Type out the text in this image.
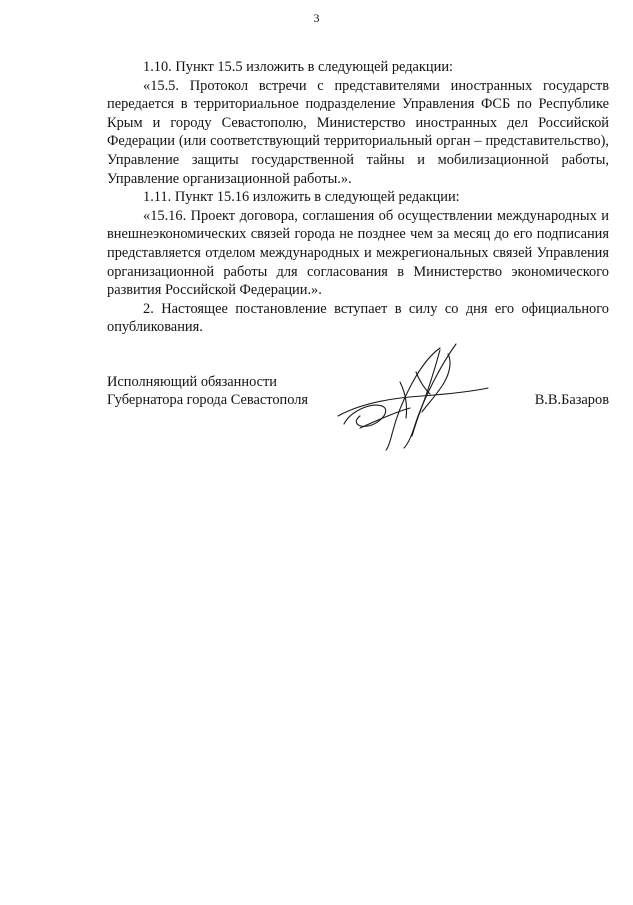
3

1.10. Пункт 15.5 изложить в следующей редакции:

«15.5. Протокол встречи с представителями иностранных государств передается в территориальное подразделение Управления ФСБ по Республике Крым и городу Севастополю, Министерство иностранных дел Российской Федерации (или соответствующий территориальный орган – представительство), Управление защиты государственной тайны и мобилизационной работы, Управление организационной работы.».

1.11. Пункт 15.16 изложить в следующей редакции:

«15.16. Проект договора, соглашения об осуществлении международных и внешнеэкономических связей города не позднее чем за месяц до его подписания представляется отделом международных и межрегиональных связей Управления организационной работы для согласования в Министерство экономического развития Российской Федерации.».

2. Настоящее постановление вступает в силу со дня его официального опубликования.

Исполняющий обязанности

Губернатора города Севастополя	В.В.Базаров
